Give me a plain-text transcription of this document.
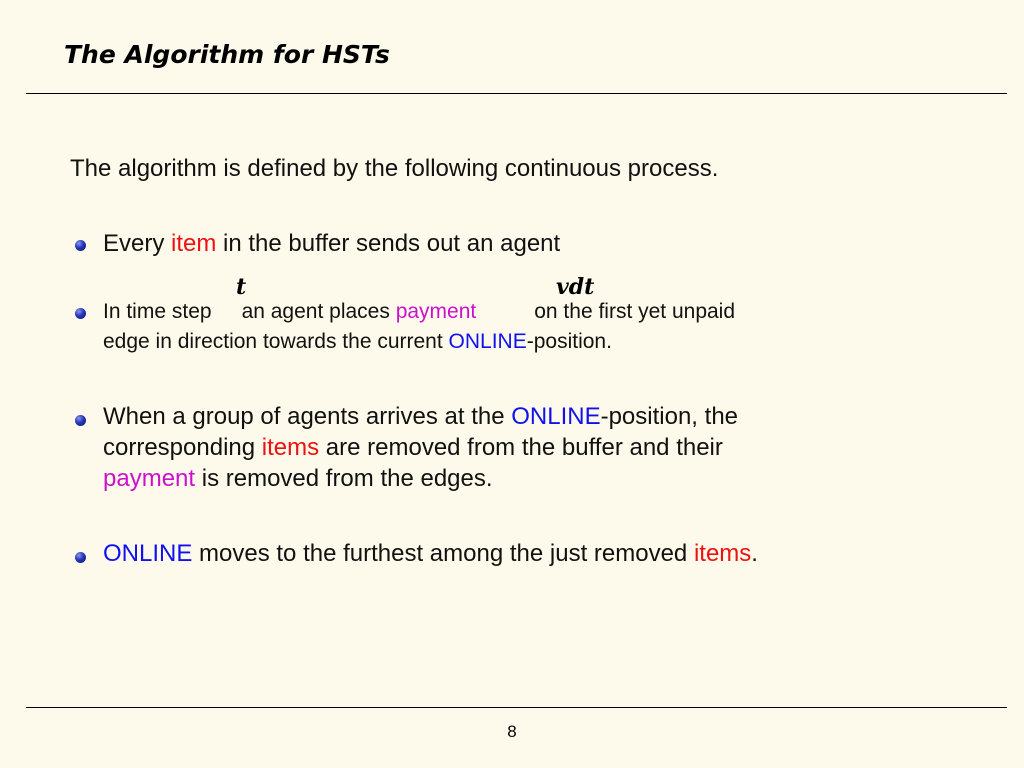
The Algorithm for HSTs
The algorithm is defined by the following continuous process.
Every item in the buffer sends out an agent
t	vdt
In time step an agent places payment	on the first yet unpaid
edge in direction towards the current ONLINE-position.
When a group of agents arrives at the ONLINE-position, the
corresponding items are removed from the buffer and their
payment is removed from the edges.
ONLINE moves to the furthest among the just removed items.
8
